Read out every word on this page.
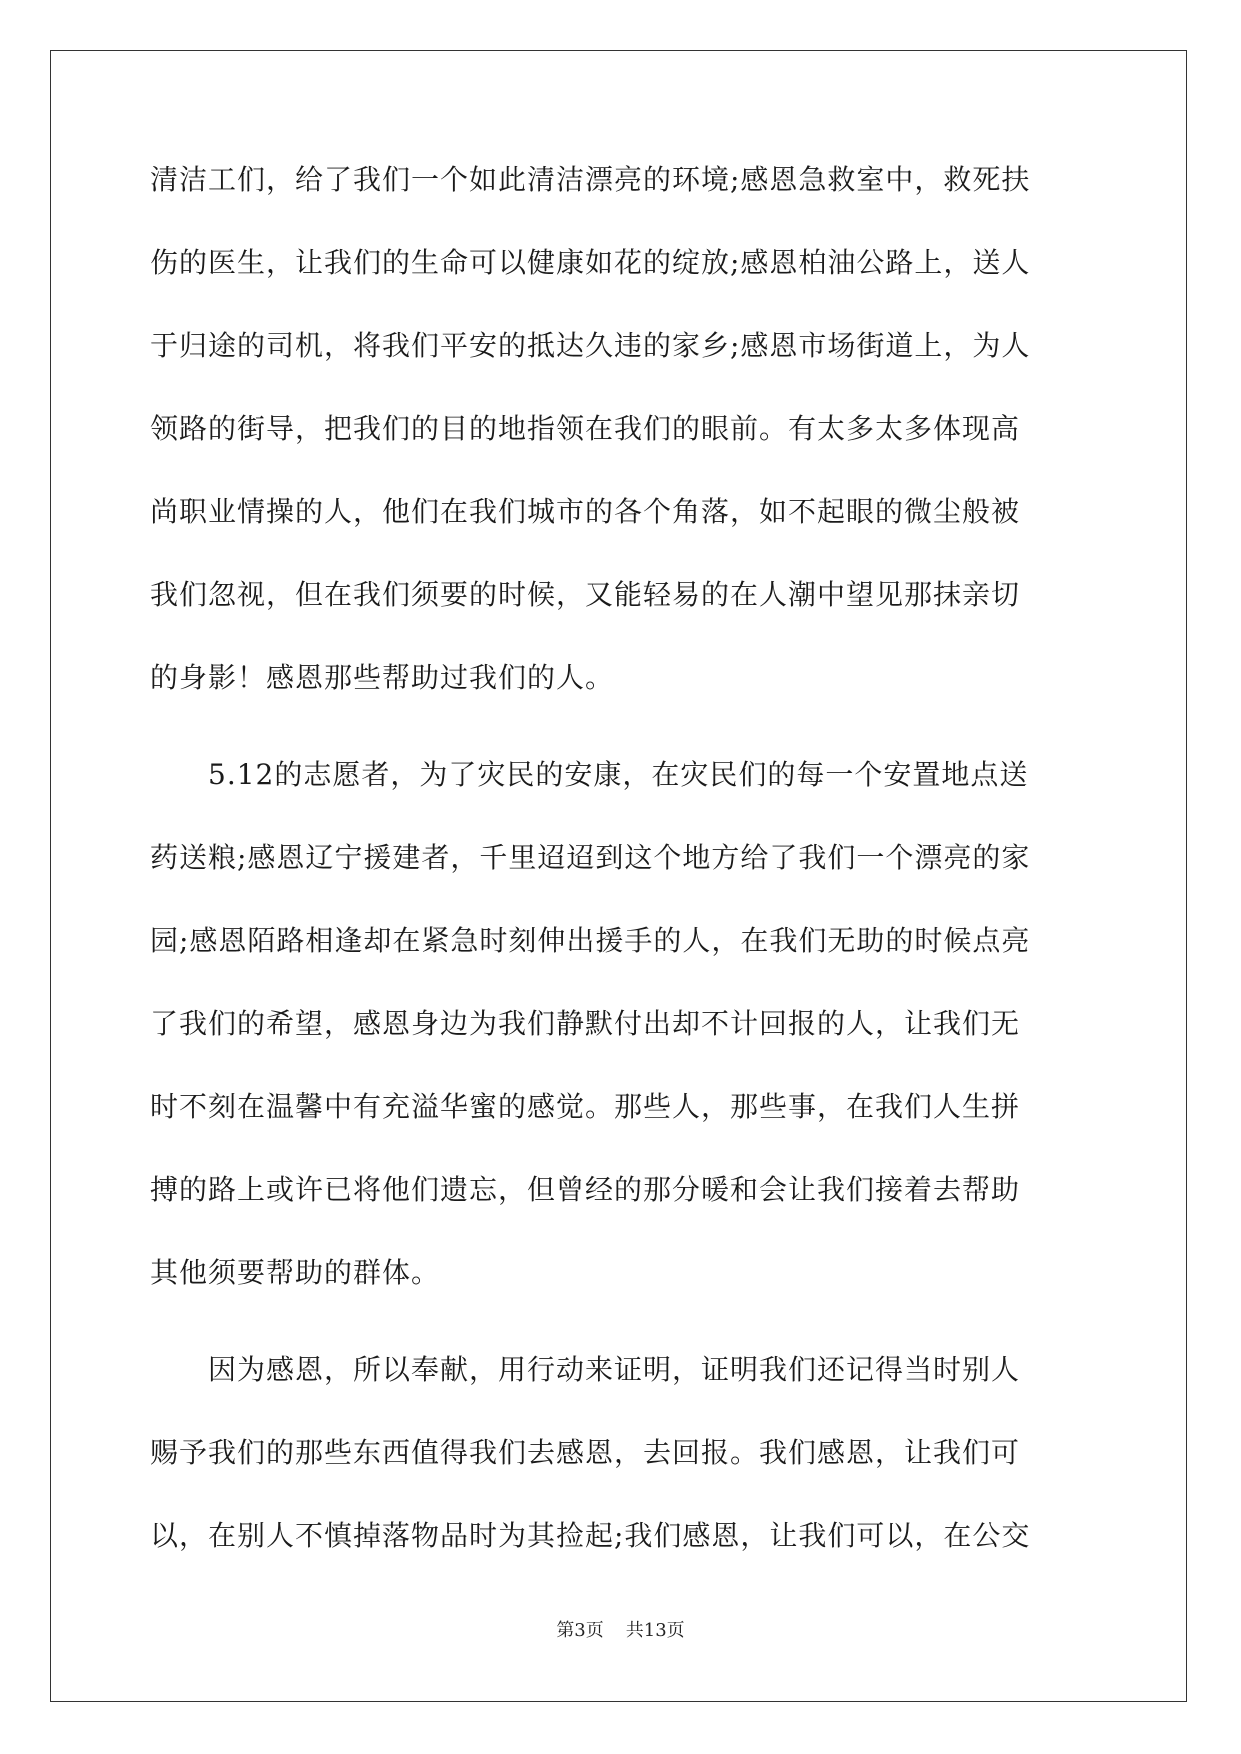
清洁工们，给了我们一个如此清洁漂亮的环境;感恩急救室中，救死扶
伤的医生，让我们的生命可以健康如花的绽放;感恩柏油公路上，送人
于归途的司机，将我们平安的抵达久违的家乡;感恩市场街道上，为人
领路的街导，把我们的目的地指领在我们的眼前。有太多太多体现高
尚职业情操的人，他们在我们城市的各个角落，如不起眼的微尘般被
我们忽视，但在我们须要的时候，又能轻易的在人潮中望见那抹亲切
的身影！感恩那些帮助过我们的人。
5.12的志愿者，为了灾民的安康，在灾民们的每一个安置地点送
药送粮;感恩辽宁援建者，千里迢迢到这个地方给了我们一个漂亮的家
园;感恩陌路相逢却在紧急时刻伸出援手的人，在我们无助的时候点亮
了我们的希望，感恩身边为我们静默付出却不计回报的人，让我们无
时不刻在温馨中有充溢华蜜的感觉。那些人，那些事，在我们人生拼
搏的路上或许已将他们遗忘，但曾经的那分暖和会让我们接着去帮助
其他须要帮助的群体。
因为感恩，所以奉献，用行动来证明，证明我们还记得当时别人
赐予我们的那些东西值得我们去感恩，去回报。我们感恩，让我们可
以，在别人不慎掉落物品时为其捡起;我们感恩，让我们可以，在公交
第3页 共13页
